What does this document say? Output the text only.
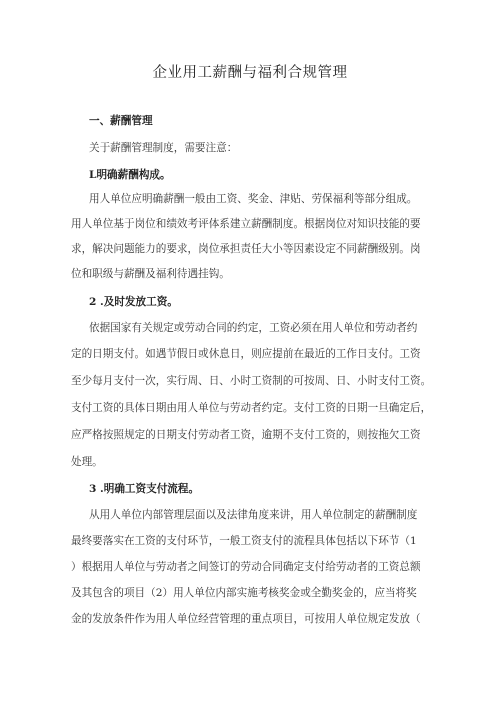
企业用工薪酬与福利合规管理
一、薪酬管理
关于薪酬管理制度，需要注意：
L明确薪酬构成。
用人单位应明确薪酬一般由工资、奖金、津贴、劳保福利等部分组成。
用人单位基于岗位和绩效考评体系建立薪酬制度。根据岗位对知识技能的要
求，解决问题能力的要求，岗位承担责任大小等因素设定不同薪酬级别。岗
位和职级与薪酬及福利待遇挂钩。
2 .及时发放工资。
依据国家有关规定或劳动合同的约定，工资必须在用人单位和劳动者约
定的日期支付。如遇节假日或休息日，则应提前在最近的工作日支付。工资
至少每月支付一次，实行周、日、小时工资制的可按周、日、小时支付工资。
支付工资的具体日期由用人单位与劳动者约定。支付工资的日期一旦确定后，
应严格按照规定的日期支付劳动者工资，逾期不支付工资的，则按拖欠工资
处理。
3 .明确工资支付流程。
从用人单位内部管理层面以及法律角度来讲，用人单位制定的薪酬制度
最终要落实在工资的支付环节，一般工资支付的流程具体包括以下环节（1
）根据用人单位与劳动者之间签订的劳动合同确定支付给劳动者的工资总额
及其包含的项目（2）用人单位内部实施考核奖金或全勤奖金的，应当将奖
金的发放条件作为用人单位经营管理的重点项目，可按用人单位规定发放（
